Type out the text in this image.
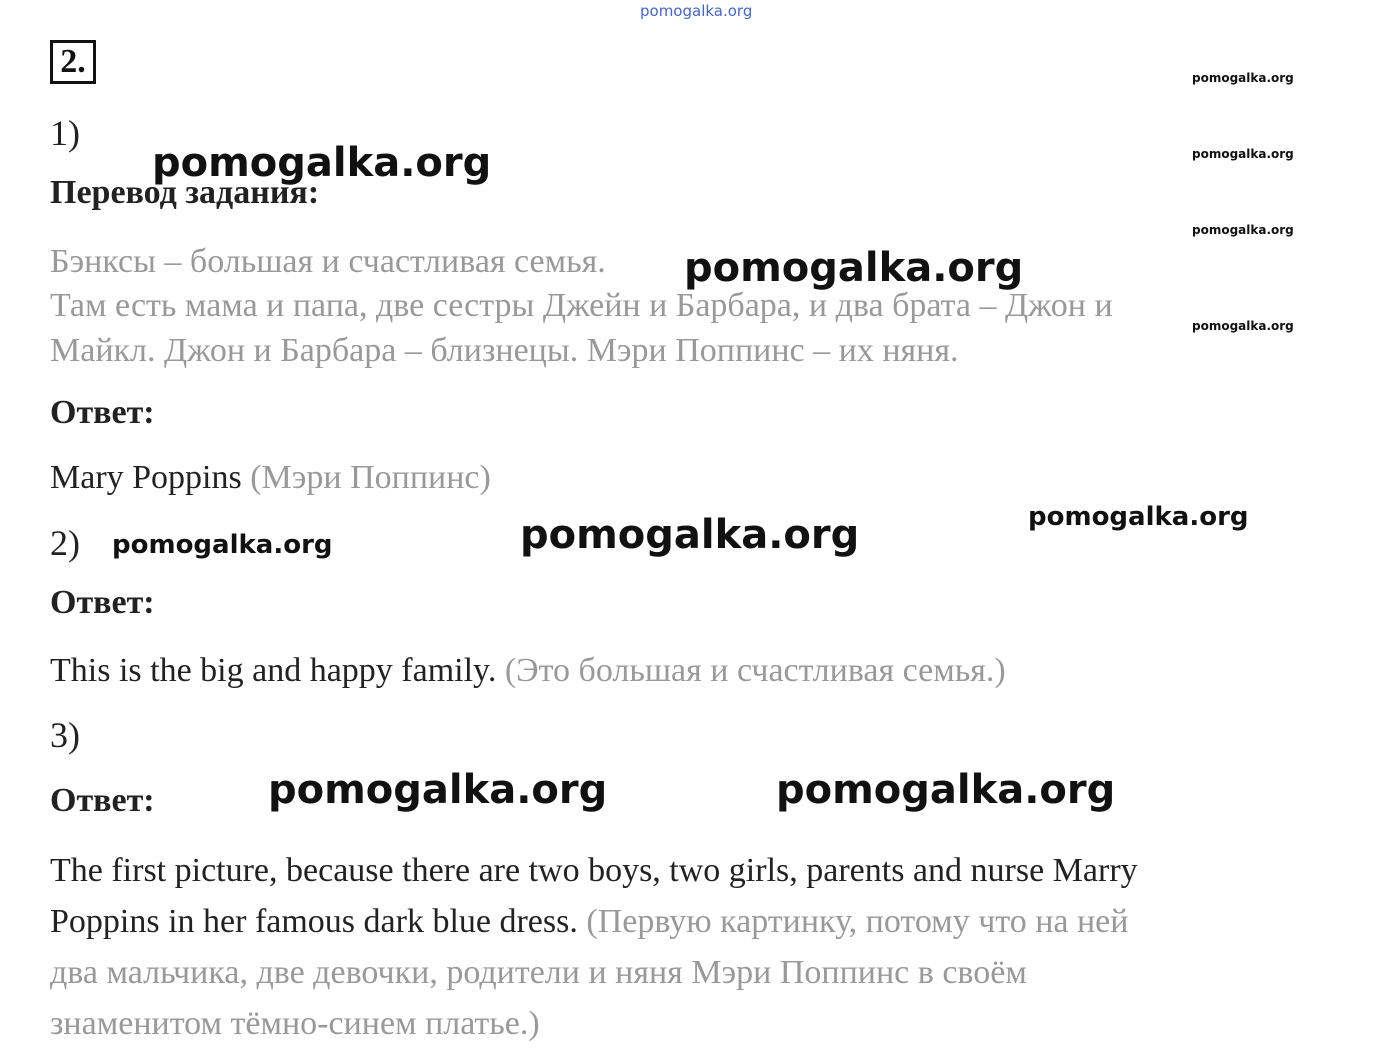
pomogalka.org
2.	pomogalka.org
pomogalka.org
pomogalka.org
1)
Перевод задания:
Бэнксы – большая и счастливая семья.
Там есть мама и папа, две сестры Джейн и Барбара, и два брата – Джон и
Майкл. Джон и Барбара – близнецы. Мэри Поппинс – их няня.
Ответ:
Mary Poppins (Мэри Поппинс)
pomogalka.org
2)
Ответ:
This is the big and happy family. (Это большая и счастливая семья.)
3)
Ответ:
The first picture, because there are two boys, two girls, parents and nurse Marry
Poppins in her famous dark blue dress. (Первую картинку, потому что на ней
два мальчика, две девочки, родители и няня Мэри Поппинс в своём
знаменитом тёмно-синем платье.)
pomogalka.org
pomogalka.org
pomogalka.org	pomogalka.org
pomogalka.org
pomogalka.org	pomogalka.org
